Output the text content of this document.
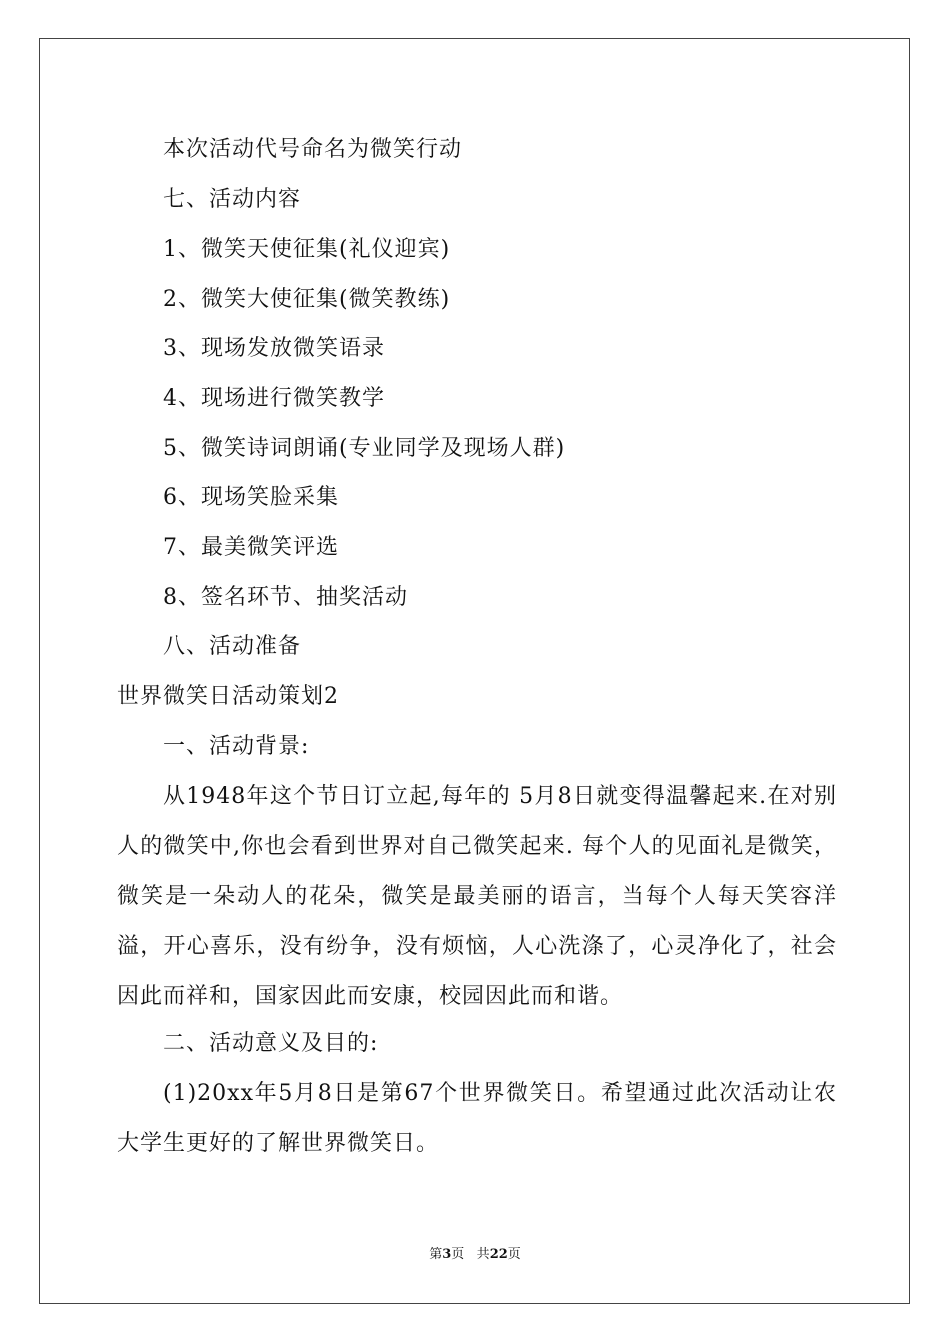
本次活动代号命名为微笑行动
七、活动内容
1、微笑天使征集(礼仪迎宾)
2、微笑大使征集(微笑教练)
3、现场发放微笑语录
4、现场进行微笑教学
5、微笑诗词朗诵(专业同学及现场人群)
6、现场笑脸采集
7、最美微笑评选
8、签名环节、抽奖活动
八、活动准备
世界微笑日活动策划2
一、活动背景:
从1948年这个节日订立起,每年的 5月8日就变得温馨起来.在对别人的微笑中,你也会看到世界对自己微笑起来. 每个人的见面礼是微笑，微笑是一朵动人的花朵，微笑是最美丽的语言，当每个人每天笑容洋溢，开心喜乐，没有纷争，没有烦恼，人心洗涤了，心灵净化了，社会因此而祥和，国家因此而安康，校园因此而和谐。
二、活动意义及目的:
(1)20xx年5月8日是第67个世界微笑日。希望通过此次活动让农大学生更好的了解世界微笑日。
第3页 共22页
